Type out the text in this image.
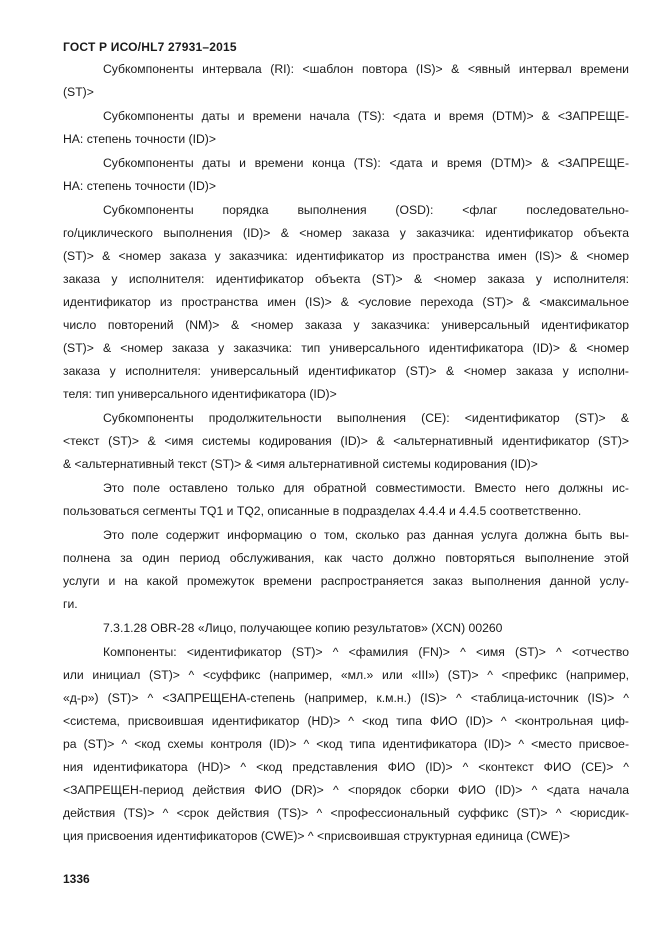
ГОСТ Р ИСО/HL7 27931–2015
Субкомпоненты интервала (RI): <шаблон повтора (IS)> & <явный интервал времени
(ST)>
Субкомпоненты даты и времени начала (TS): <дата и время (DTM)> & <ЗАПРЕЩЕ-
НА: степень точности (ID)>
Субкомпоненты даты и времени конца (TS): <дата и время (DTM)> & <ЗАПРЕЩЕ-
НА: степень точности (ID)>
Субкомпоненты порядка выполнения (OSD): <флаг последовательно-
го/циклического выполнения (ID)> & <номер заказа у заказчика: идентификатор объекта
(ST)> & <номер заказа у заказчика: идентификатор из пространства имен (IS)> & <номер
заказа у исполнителя: идентификатор объекта (ST)> & <номер заказа у исполнителя:
идентификатор из пространства имен (IS)> & <условие перехода (ST)> & <максимальное
число повторений (NM)> & <номер заказа у заказчика: универсальный идентификатор
(ST)> & <номер заказа у заказчика: тип универсального идентификатора (ID)> & <номер
заказа у исполнителя: универсальный идентификатор (ST)> & <номер заказа у исполни-
теля: тип универсального идентификатора (ID)>
Субкомпоненты продолжительности выполнения (CE): <идентификатор (ST)> &
<текст (ST)> & <имя системы кодирования (ID)> & <альтернативный идентификатор (ST)>
& <альтернативный текст (ST)> & <имя альтернативной системы кодирования (ID)>
Это поле оставлено только для обратной совместимости. Вместо него должны ис-
пользоваться сегменты TQ1 и TQ2, описанные в подразделах 4.4.4 и 4.4.5 соответственно.
Это поле содержит информацию о том, сколько раз данная услуга должна быть вы-
полнена за один период обслуживания, как часто должно повторяться выполнение этой
услуги и на какой промежуток времени распространяется заказ выполнения данной услу-
ги.
7.3.1.28 OBR-28 «Лицо, получающее копию результатов» (XCN) 00260
Компоненты: <идентификатор (ST)> ^ <фамилия (FN)> ^ <имя (ST)> ^ <отчество
или инициал (ST)> ^ <суффикс (например, «мл.» или «III») (ST)> ^ <префикс (например,
«д-р») (ST)> ^ <ЗАПРЕЩЕНА-степень (например, к.м.н.) (IS)> ^ <таблица-источник (IS)> ^
<система, присвоившая идентификатор (HD)> ^ <код типа ФИО (ID)> ^ <контрольная циф-
ра (ST)> ^ <код схемы контроля (ID)> ^ <код типа идентификатора (ID)> ^ <место присвое-
ния идентификатора (HD)> ^ <код представления ФИО (ID)> ^ <контекст ФИО (CE)> ^
<ЗАПРЕЩЕН-период действия ФИО (DR)> ^ <порядок сборки ФИО (ID)> ^ <дата начала
действия (TS)> ^ <срок действия (TS)> ^ <профессиональный суффикс (ST)> ^ <юрисдик-
ция присвоения идентификаторов (CWE)> ^ <присвоившая структурная единица (CWE)>
1336
